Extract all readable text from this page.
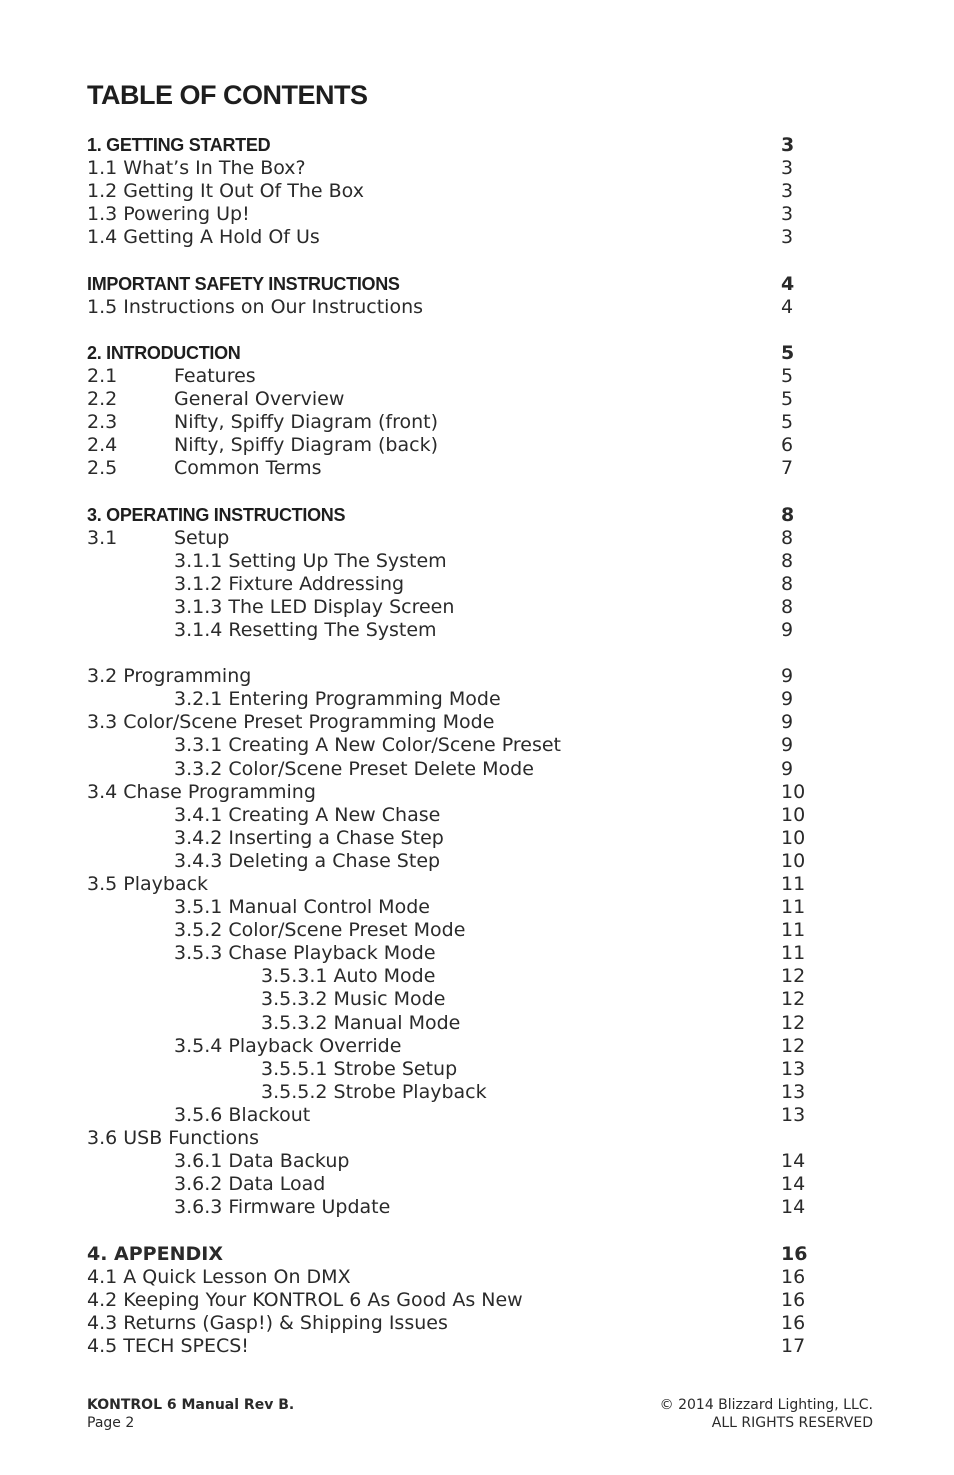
TABLE OF CONTENTS
1. GETTING STARTED	3
1.1 What’s In The Box?	3
1.2 Getting It Out Of The Box	3
1.3 Powering Up!	3
1.4 Getting A Hold Of Us	3
IMPORTANT SAFETY INSTRUCTIONS	4
1.5 Instructions on Our Instructions	4
2. INTRODUCTION	5
2.1	Features	5
2.2	General Overview	5
2.3	Nifty, Spiffy Diagram (front)	5
2.4	Nifty, Spiffy Diagram (back)	6
2.5	Common Terms	7
3. OPERATING INSTRUCTIONS	8
3.1	Setup	8
3.1.1 Setting Up The System	8
3.1.2 Fixture Addressing	8
3.1.3 The LED Display Screen	8
3.1.4 Resetting The System	9
3.2 Programming	9
3.2.1 Entering Programming Mode	9
3.3 Color/Scene Preset Programming Mode	9
3.3.1 Creating A New Color/Scene Preset	9
3.3.2 Color/Scene Preset Delete Mode	9
3.4 Chase Programming	10
3.4.1 Creating A New Chase	10
3.4.2 Inserting a Chase Step	10
3.4.3 Deleting a Chase Step	10
3.5 Playback	11
3.5.1 Manual Control Mode	11
3.5.2 Color/Scene Preset Mode	11
3.5.3 Chase Playback Mode	11
3.5.3.1 Auto Mode	12
3.5.3.2 Music Mode	12
3.5.3.2 Manual Mode	12
3.5.4 Playback Override	12
3.5.5.1 Strobe Setup	13
3.5.5.2 Strobe Playback	13
3.5.6 Blackout	13
3.6 USB Functions
3.6.1 Data Backup	14
3.6.2 Data Load	14
3.6.3 Firmware Update	14
4. APPENDIX	16
4.1 A Quick Lesson On DMX	16
4.2 Keeping Your KONTROL 6 As Good As New	16
4.3 Returns (Gasp!) & Shipping Issues	16
4.5 TECH SPECS!	17
KONTROL 6 Manual Rev B.
Page 2
© 2014 Blizzard Lighting, LLC.
ALL RIGHTS RESERVED
